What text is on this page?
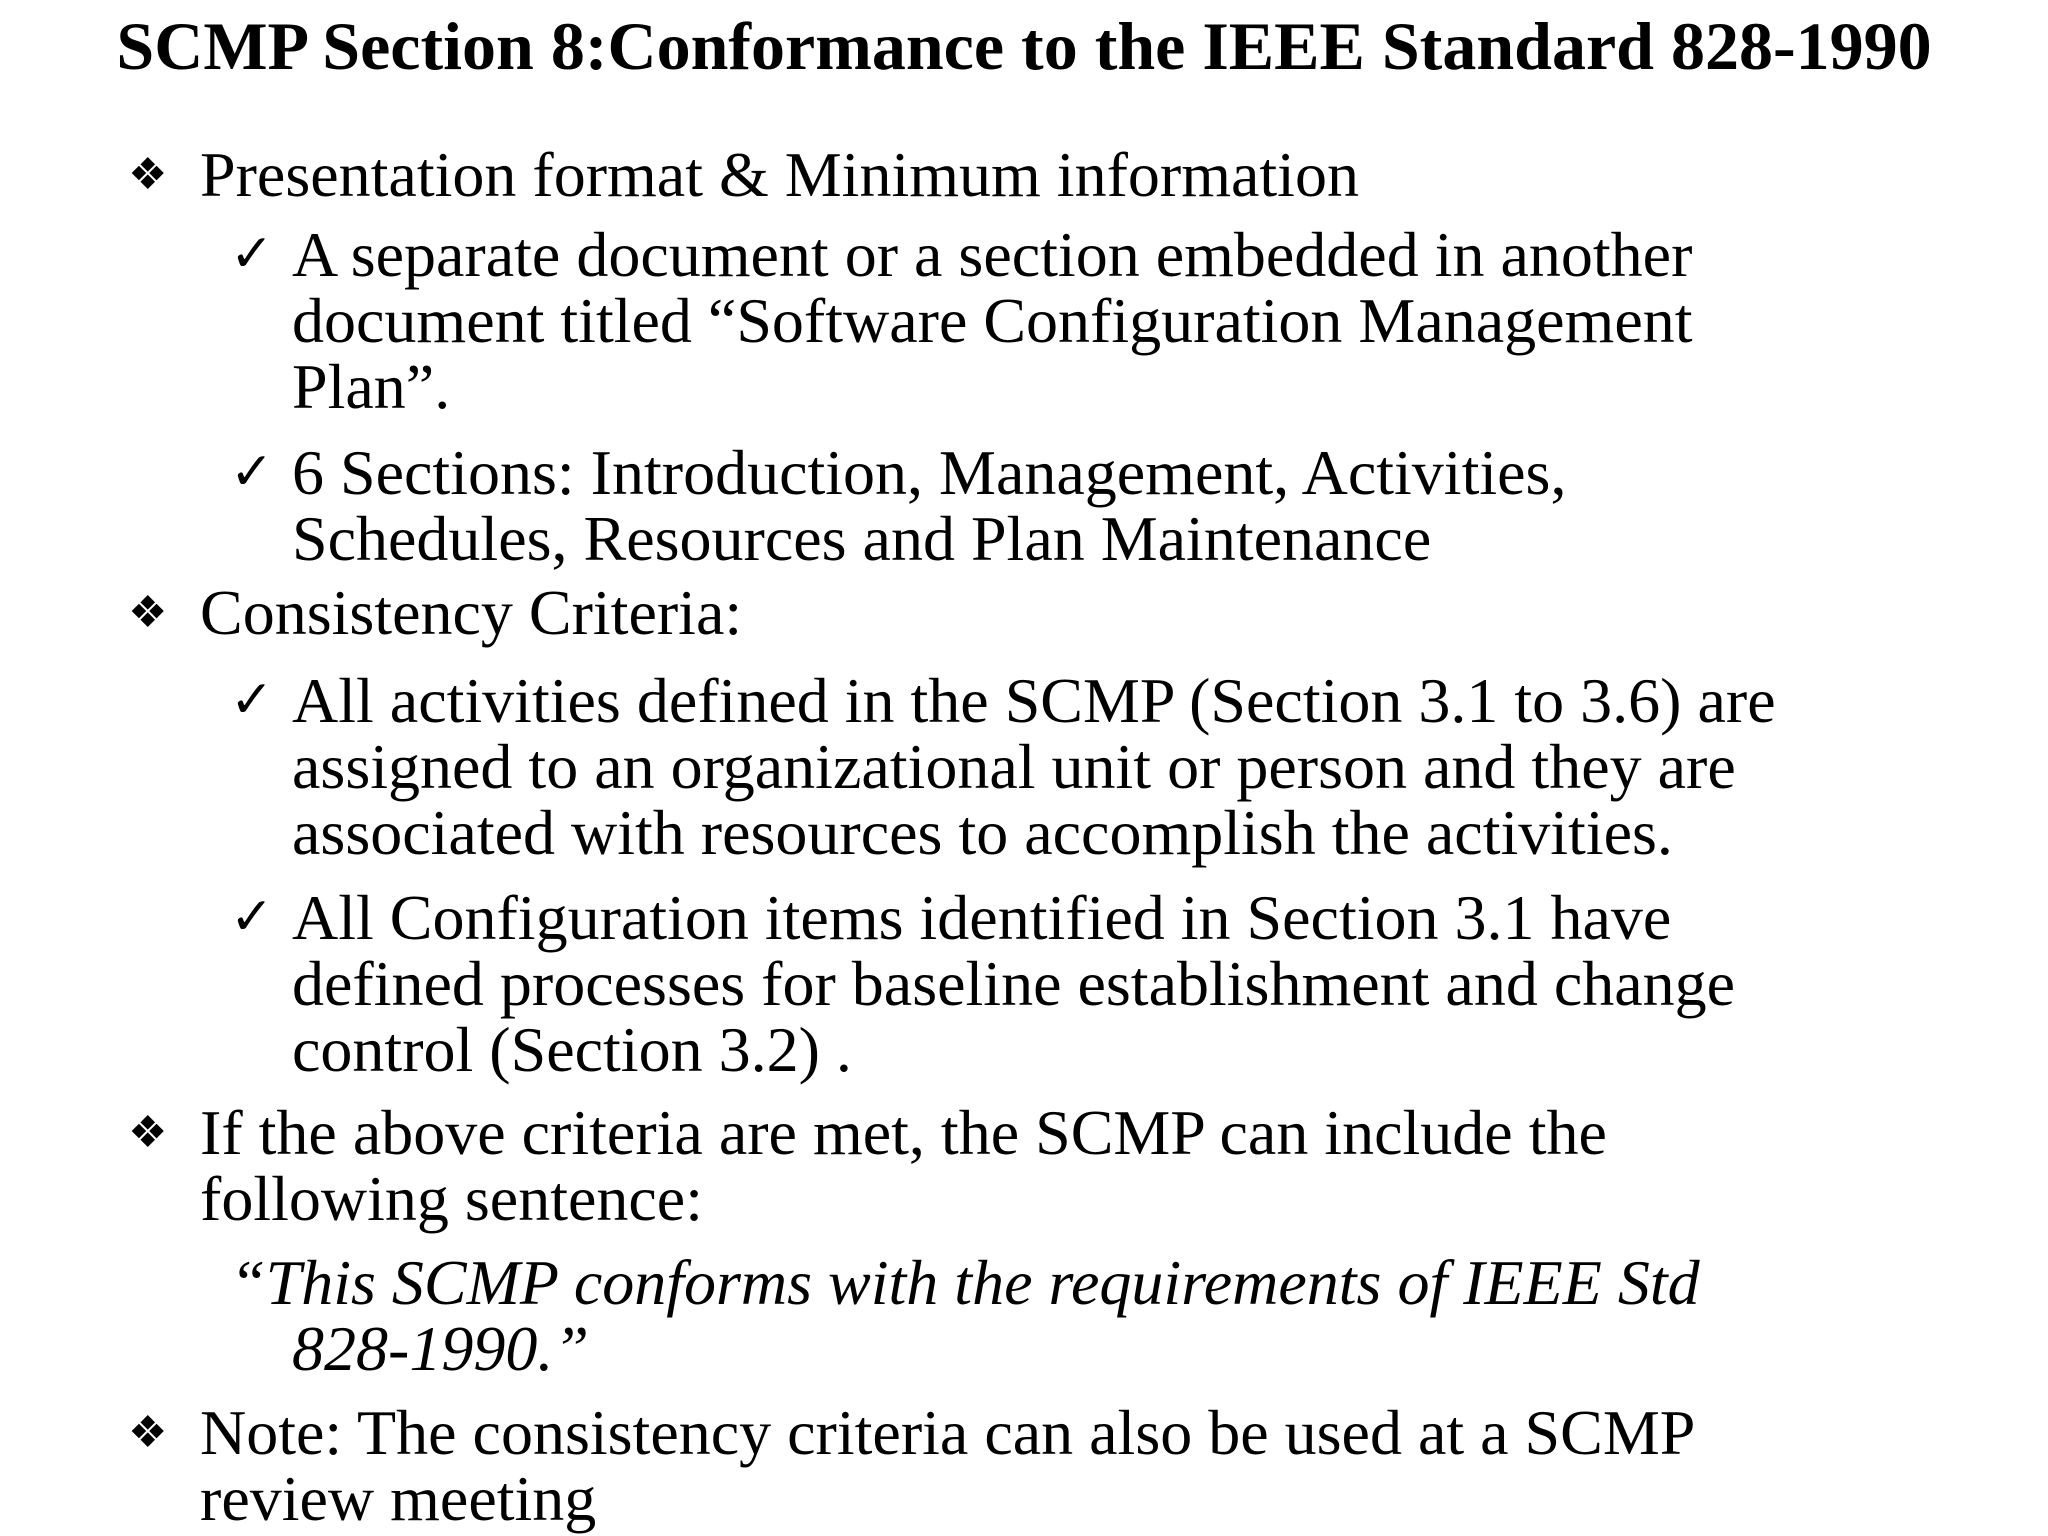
SCMP Section 8:Conformance to the IEEE Standard 828-1990
❖ Presentation format & Minimum information
✓ A separate document or a section embedded in another
document titled “Software Configuration Management
Plan”.
✓ 6 Sections: Introduction, Management, Activities,
Schedules, Resources and Plan Maintenance
❖ Consistency Criteria:
✓ All activities defined in the SCMP (Section 3.1 to 3.6) are
assigned to an organizational unit or person and they are
associated with resources to accomplish the activities.
✓ All Configuration items identified in Section 3.1 have
defined processes for baseline establishment and change
control (Section 3.2) .
❖ If the above criteria are met, the SCMP can include the
following sentence:
“This SCMP conforms with the requirements of IEEE Std
828-1990.”
❖ Note: The consistency criteria can also be used at a SCMP
review meeting
